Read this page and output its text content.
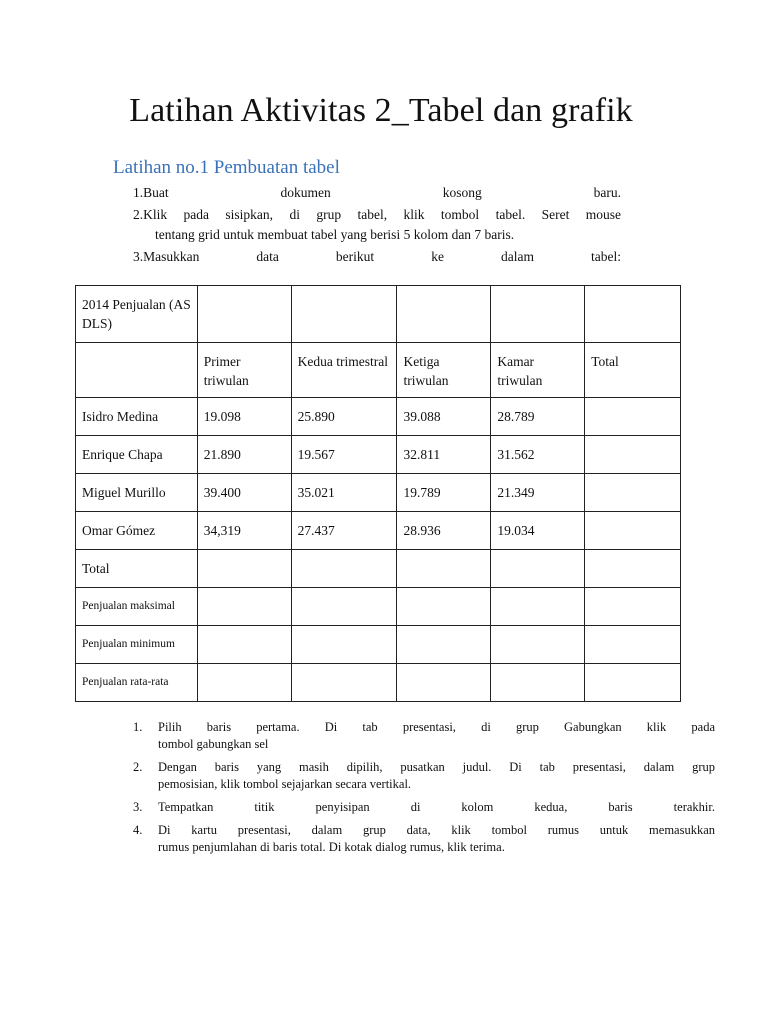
Latihan Aktivitas 2_Tabel dan grafik
Latihan no.1 Pembuatan tabel
1.Buat dokumen kosong baru.
2.Klik pada sisipkan, di grup tabel, klik tombol tabel. Seret mouse
tentang grid untuk membuat tabel yang berisi 5 kolom dan 7 baris.
3.Masukkan data berikut ke dalam tabel:
2014 Penjualan (AS DLS)					
	Primer triwulan	Kedua trimestral	Ketiga triwulan	Kamar triwulan	Total
Isidro Medina	19.098	25.890	39.088	28.789	
Enrique Chapa	21.890	19.567	32.811	31.562	
Miguel Murillo	39.400	35.021	19.789	21.349	
Omar Gómez	34,319	27.437	28.936	19.034	
Total					
Penjualan maksimal					
Penjualan minimum					
Penjualan rata-rata					
1. Pilih baris pertama. Di tab presentasi, di grup Gabungkan klik pada
tombol gabungkan sel
2. Dengan baris yang masih dipilih, pusatkan judul. Di tab presentasi, dalam grup
pemosisian, klik tombol sejajarkan secara vertikal.
3. Tempatkan titik penyisipan di kolom kedua, baris terakhir.
4. Di kartu presentasi, dalam grup data, klik tombol rumus untuk memasukkan
rumus penjumlahan di baris total. Di kotak dialog rumus, klik terima.
